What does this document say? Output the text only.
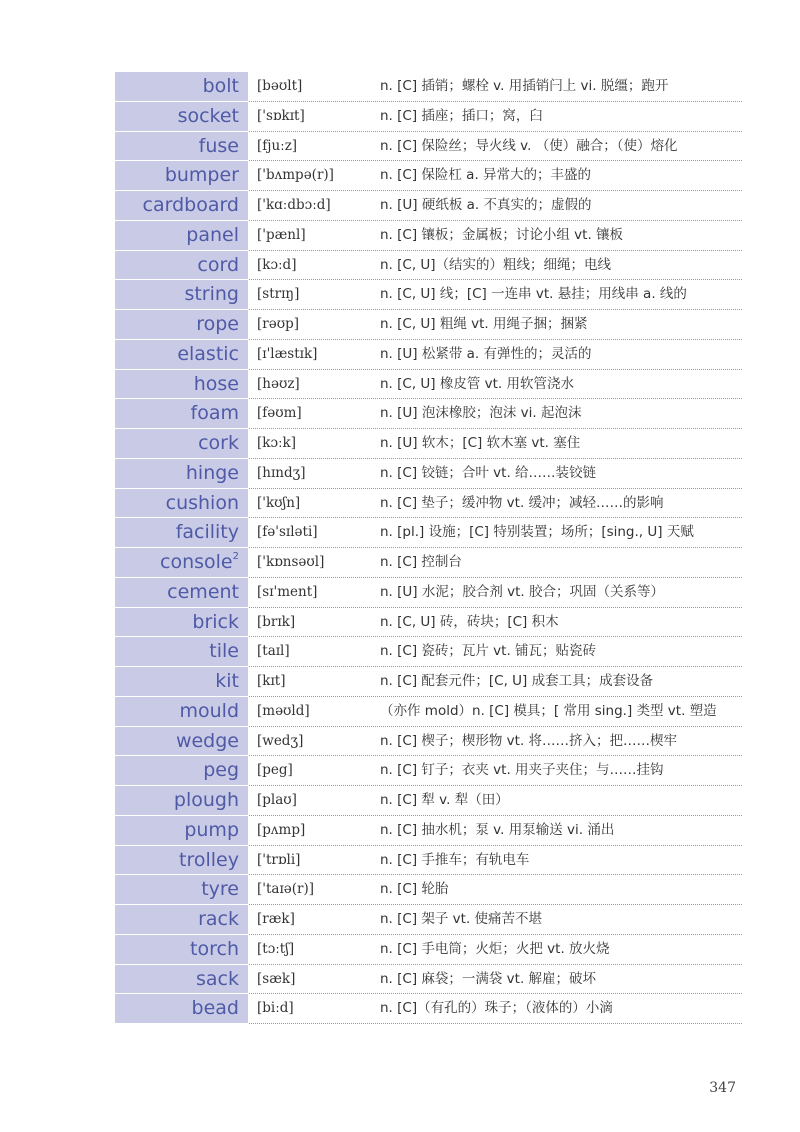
bolt	[bəʊlt]	n. [C] 插销；螺栓 v. 用插销闩上 vi. 脱缰；跑开
socket	['sɒkɪt]	n. [C] 插座；插口；窝，臼
fuse	[fjuːz]	n. [C] 保险丝；导火线 v. （使）融合；（使）熔化
bumper	['bʌmpə(r)]	n. [C] 保险杠 a. 异常大的；丰盛的
cardboard	['kɑːdbɔːd]	n. [U] 硬纸板 a. 不真实的；虚假的
panel	['pænl]	n. [C] 镶板；金属板；讨论小组 vt. 镶板
cord	[kɔːd]	n. [C, U]（结实的）粗线；细绳；电线
string	[strɪŋ]	n. [C, U] 线；[C] 一连串 vt. 悬挂；用线串 a. 线的
rope	[rəʊp]	n. [C, U] 粗绳 vt. 用绳子捆；捆紧
elastic	[ɪ'læstɪk]	n. [U] 松紧带 a. 有弹性的；灵活的
hose	[həʊz]	n. [C, U] 橡皮管 vt. 用软管浇水
foam	[fəʊm]	n. [U] 泡沫橡胶；泡沫 vi. 起泡沫
cork	[kɔːk]	n. [U] 软木；[C] 软木塞 vt. 塞住
hinge	[hɪndʒ]	n. [C] 铰链；合叶 vt. 给……装铰链
cushion	['kʊʃn]	n. [C] 垫子；缓冲物 vt. 缓冲；减轻……的影响
facility	[fə'sɪləti]	n. [pl.] 设施；[C] 特别装置；场所；[sing., U] 天赋
console$^2$	['kɒnsəʊl]	n. [C] 控制台
cement	[sɪ'ment]	n. [U] 水泥；胶合剂 vt. 胶合；巩固（关系等）
brick	[brɪk]	n. [C, U] 砖，砖块；[C] 积木
tile	[taɪl]	n. [C] 瓷砖；瓦片 vt. 铺瓦；贴瓷砖
kit	[kɪt]	n. [C] 配套元件；[C, U] 成套工具；成套设备
mould	[məʊld]	（亦作 mold）n. [C] 模具；[ 常用 sing.] 类型 vt. 塑造
wedge	[wedʒ]	n. [C] 楔子；楔形物 vt. 将……挤入；把……楔牢
peg	[peg]	n. [C] 钉子；衣夹 vt. 用夹子夹住；与……挂钩
plough	[plaʊ]	n. [C] 犁 v. 犁（田）
pump	[pʌmp]	n. [C] 抽水机；泵 v. 用泵输送 vi. 涌出
trolley	['trɒli]	n. [C] 手推车；有轨电车
tyre	['taɪə(r)]	n. [C] 轮胎
rack	[ræk]	n. [C] 架子 vt. 使痛苦不堪
torch	[tɔːtʃ]	n. [C] 手电筒；火炬；火把 vt. 放火烧
sack	[sæk]	n. [C] 麻袋；一满袋 vt. 解雇；破坏
bead	[biːd]	n. [C]（有孔的）珠子；（液体的）小滴
347
